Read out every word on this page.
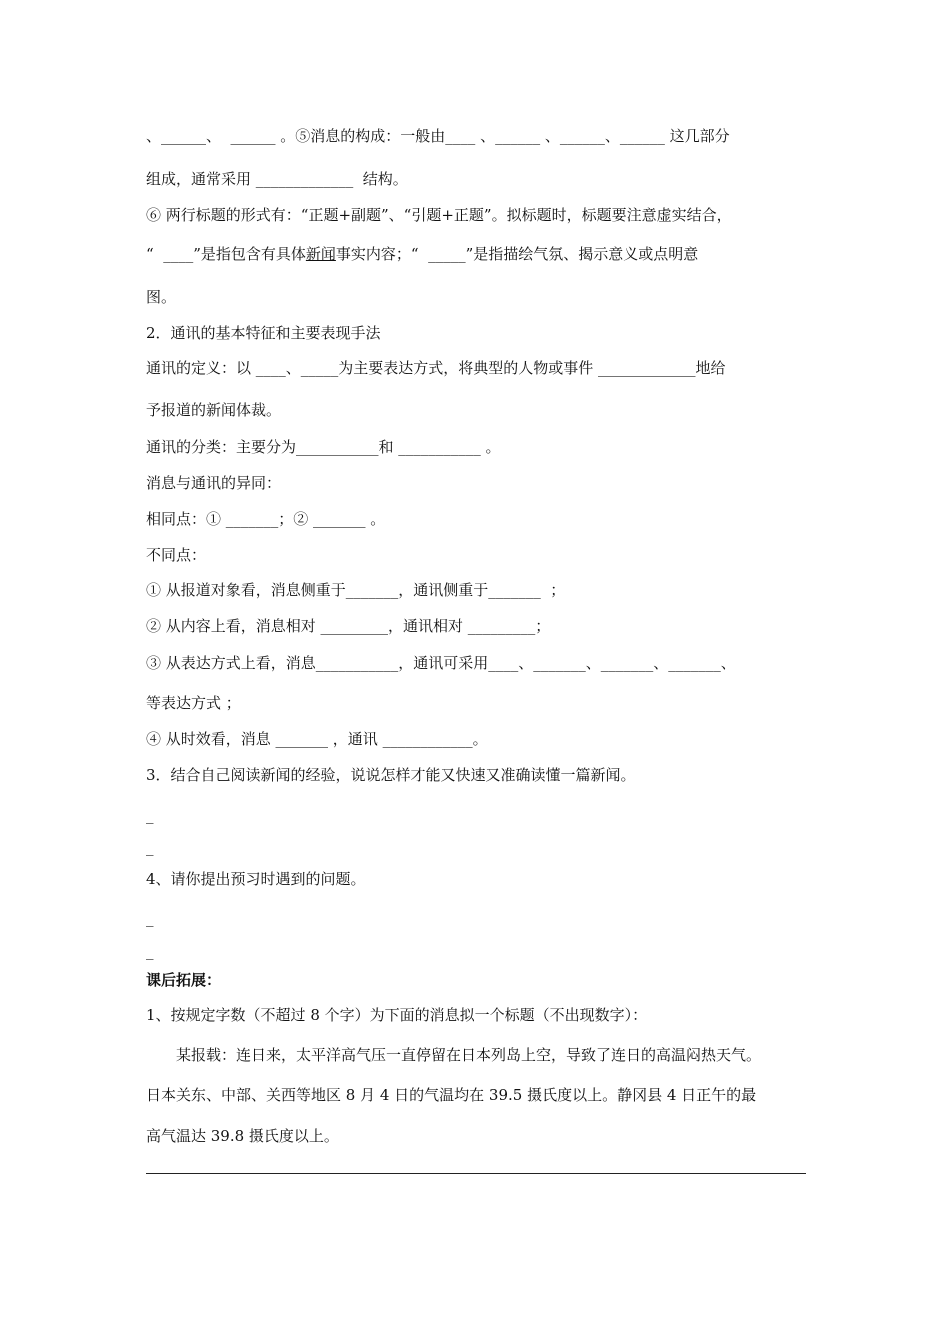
、______、  ______ 。⑤消息的构成：一般由____ 、______ 、______、______ 这几部分
组成，通常采用 _____________  结构。
⑥ 两行标题的形式有：“正题+副题”、“引题+正题”。拟标题时，标题要注意虚实结合，
“  ____”是指包含有具体新闻事实内容；“  _____”是指描绘气氛、揭示意义或点明意
图。
2．通讯的基本特征和主要表现手法
通讯的定义：以 ____、_____为主要表达方式，将典型的人物或事件 _____________地给
予报道的新闻体裁。
通讯的分类：主要分为___________和 ___________ 。
消息与通讯的异同：
相同点：① _______；② _______ 。
不同点：
① 从报道对象看，消息侧重于_______，通讯侧重于_______  ；
② 从内容上看，消息相对 _________，通讯相对 _________；
③ 从表达方式上看，消息___________，通讯可采用____、_______、_______、_______、
等表达方式 ；
④ 从时效看，消息 _______ ，通讯 ____________。
3．结合自己阅读新闻的经验，说说怎样才能又快速又准确读懂一篇新闻。
_
_
4、请你提出预习时遇到的问题。
_
_
课后拓展：
1、按规定字数（不超过 8 个字）为下面的消息拟一个标题（不出现数字）：
某报载：连日来，太平洋高气压一直停留在日本列岛上空，导致了连日的高温闷热天气。
日本关东、中部、关西等地区 8 月 4 日的气温均在 39.5 摄氏度以上。静冈县 4 日正午的最
高气温达 39.8 摄氏度以上。
